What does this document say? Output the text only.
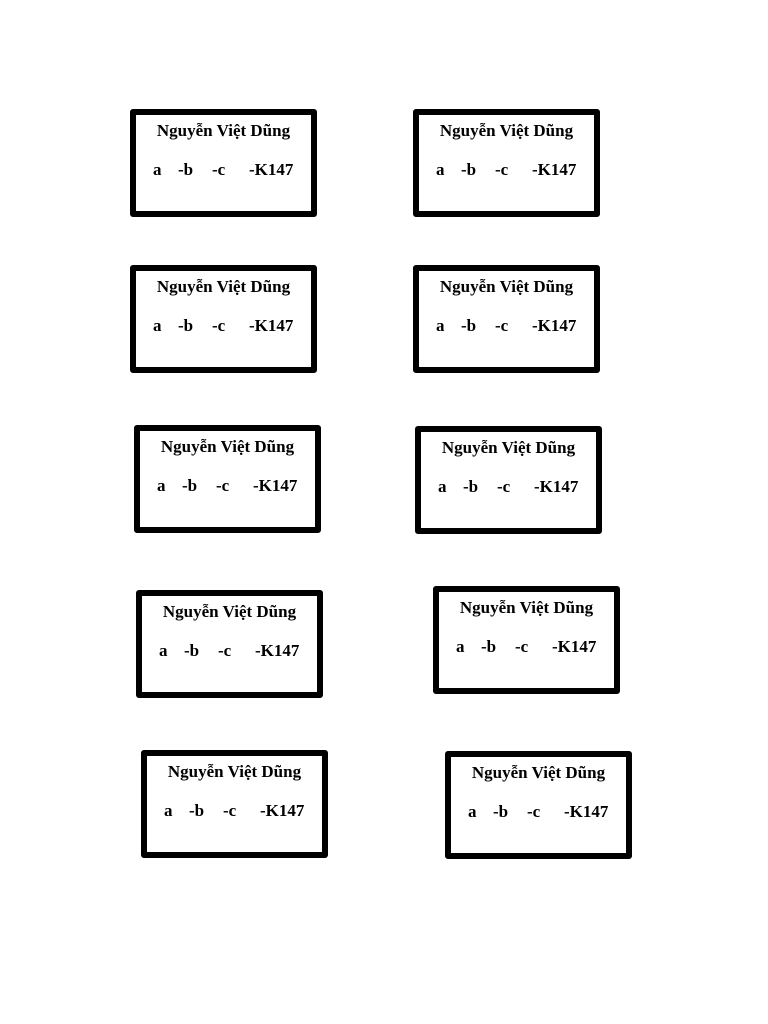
Nguyễn Việt Dũng
a -b -c -K147
Nguyễn Việt Dũng
a -b -c -K147
Nguyễn Việt Dũng
a -b -c -K147
Nguyễn Việt Dũng
a -b -c -K147
Nguyễn Việt Dũng
a -b -c -K147
Nguyễn Việt Dũng
a -b -c -K147
Nguyễn Việt Dũng
a -b -c -K147
Nguyễn Việt Dũng
a -b -c -K147
Nguyễn Việt Dũng
a -b -c -K147
Nguyễn Việt Dũng
a -b -c -K147
